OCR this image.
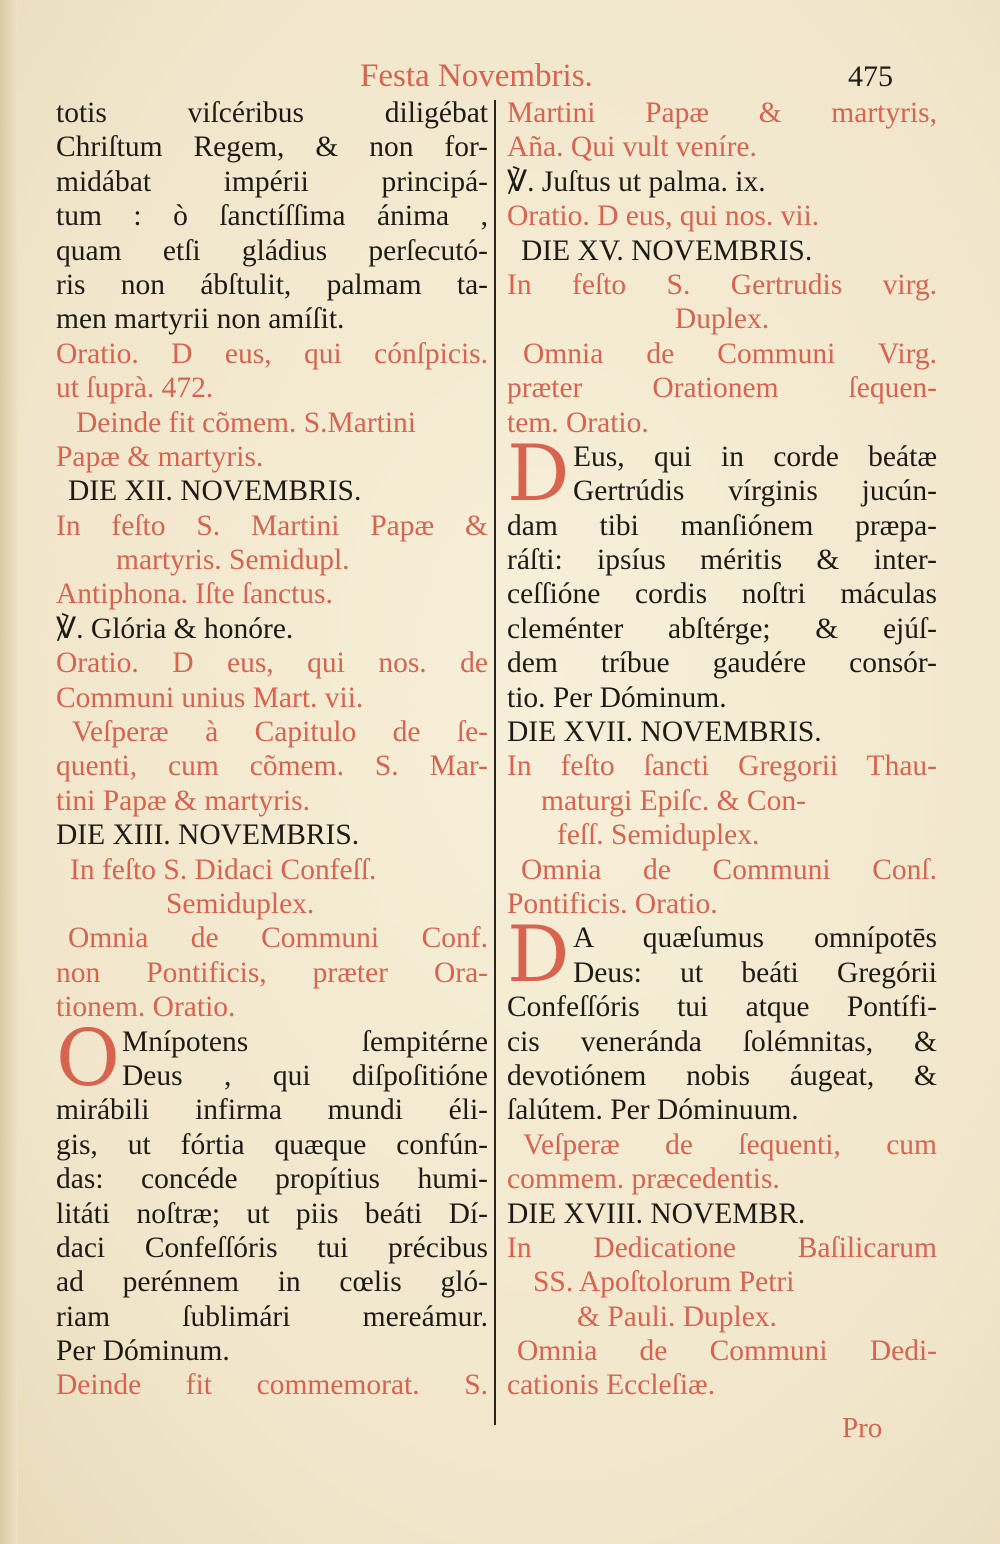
Festa Novembris.	475
totis viſcéribus diligébat
Chriſtum Regem, & non for-
midábat impérii principá-
tum : ò ſanctíſſima ánima ,
quam etſi gládius perſecutó-
ris non ábſtulit, palmam ta-
men martyrii non amíſit.
Oratio. D eus, qui cónſpicis.
ut ſuprà. 472.
Deinde fit cõmem. S.Martini
Papæ & martyris.
DIE XII. NOVEMBRIS.
In feſto S. Martini Papæ &
martyris. Semidupl.
Antiphona. Iſte ſanctus.
℣. Glória & honóre.
Oratio. D eus, qui nos. de
Communi unius Mart. vii.
Veſperæ à Capitulo de ſe-
quenti, cum cõmem. S. Mar-
tini Papæ & martyris.
DIE XIII. NOVEMBRIS.
In feſto S. Didaci Confeſſ.
Semiduplex.
Omnia de Communi Conf.
non Pontificis, præter Ora-
tionem. Oratio.
O Mnípotens ſempitérne
Deus , qui diſpoſitióne
mirábili infirma mundi éli-
gis, ut fórtia quæque confún-
das: concéde propítius humi-
litáti noſtræ; ut piis beáti Dí-
daci Confeſſóris tui précibus
ad perénnem in cœlis gló-
riam ſublimári mereámur.
Per Dóminum.
Deinde fit commemorat. S.
Martini Papæ & martyris,
Aña. Qui vult veníre.
℣. Juſtus ut palma. ix.
Oratio. D eus, qui nos. vii.
DIE XV. NOVEMBRIS.
In feſto S. Gertrudis virg.
Duplex.
Omnia de Communi Virg.
præter Orationem ſequen-
tem. Oratio.
D Eus, qui in corde beátæ
Gertrúdis vírginis jucún-
dam tibi manſiónem præpa-
ráſti: ipsíus méritis & inter-
ceſſióne cordis noſtri máculas
cleménter abſtérge; & ejúſ-
dem tríbue gaudére consór-
tio. Per Dóminum.
DIE XVII. NOVEMBRIS.
In feſto ſancti Gregorii Thau-
maturgi Epiſc. & Con-
feſſ. Semiduplex.
Omnia de Communi Conſ.
Pontificis. Oratio.
D A quæſumus omnípotēs
Deus: ut beáti Gregórii
Confeſſóris tui atque Pontífi-
cis veneránda ſolémnitas, &
devotiónem nobis áugeat, &
ſalútem. Per Dóminuum.
Veſperæ de ſequenti, cum
commem. præcedentis.
DIE XVIII. NOVEMBR.
In Dedicatione Baſilicarum
SS. Apoſtolorum Petri
& Pauli. Duplex.
Omnia de Communi Dedi-
cationis Eccleſiæ.
Pro
